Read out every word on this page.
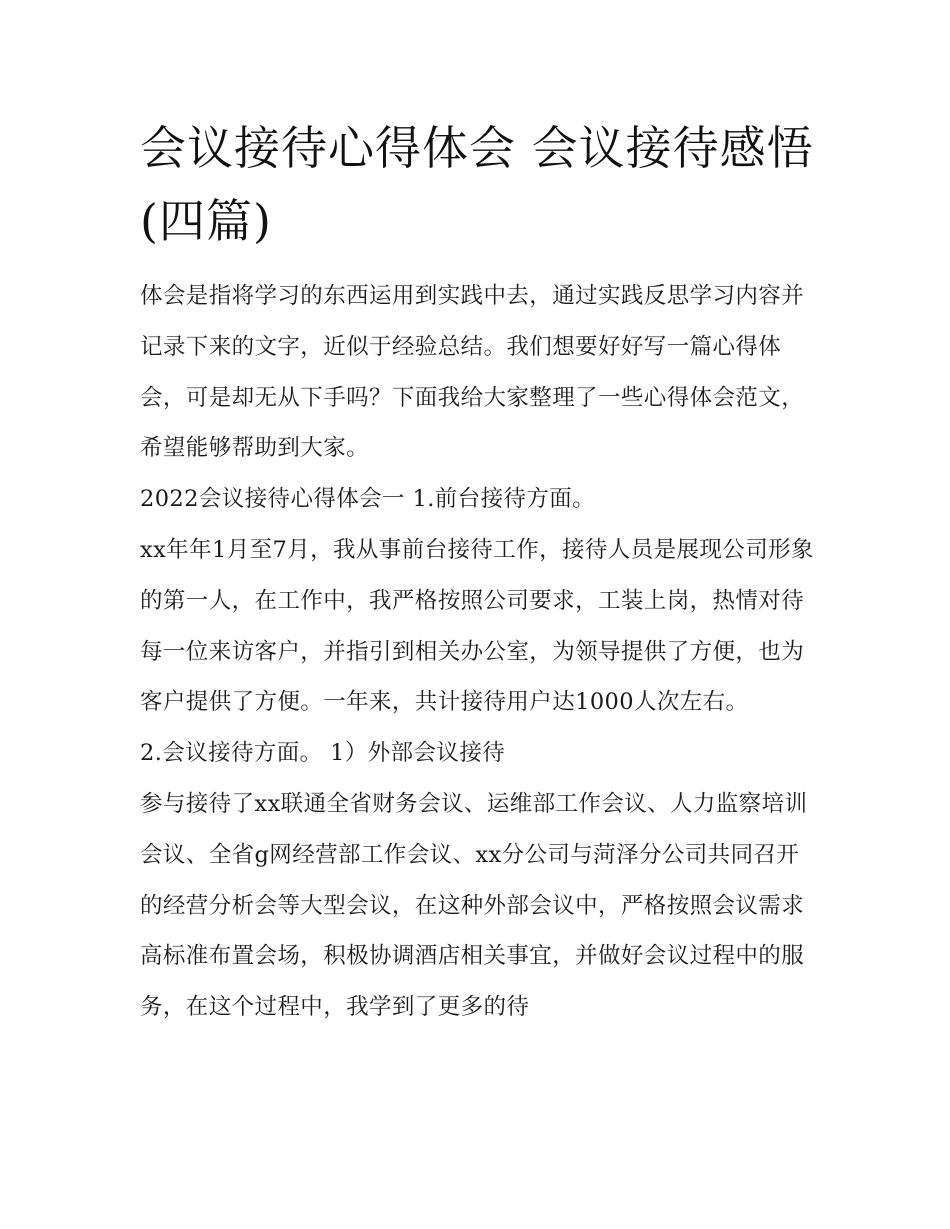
会议接待心得体会 会议接待感悟(四篇)

体会是指将学习的东西运用到实践中去，通过实践反思学习内容并记录下来的文字，近似于经验总结。我们想要好好写一篇心得体会，可是却无从下手吗？下面我给大家整理了一些心得体会范文，希望能够帮助到大家。

2022会议接待心得体会一 1.前台接待方面。

xx年年1月至7月，我从事前台接待工作，接待人员是展现公司形象的第一人，在工作中，我严格按照公司要求，工装上岗，热情对待每一位来访客户，并指引到相关办公室，为领导提供了方便，也为客户提供了方便。一年来，共计接待用户达1000人次左右。

2.会议接待方面。 1）外部会议接待

参与接待了xx联通全省财务会议、运维部工作会议、人力监察培训会议、全省g网经营部工作会议、xx分公司与菏泽分公司共同召开的经营分析会等大型会议，在这种外部会议中，严格按照会议需求高标准布置会场，积极协调酒店相关事宜，并做好会议过程中的服务，在这个过程中，我学到了更多的待
